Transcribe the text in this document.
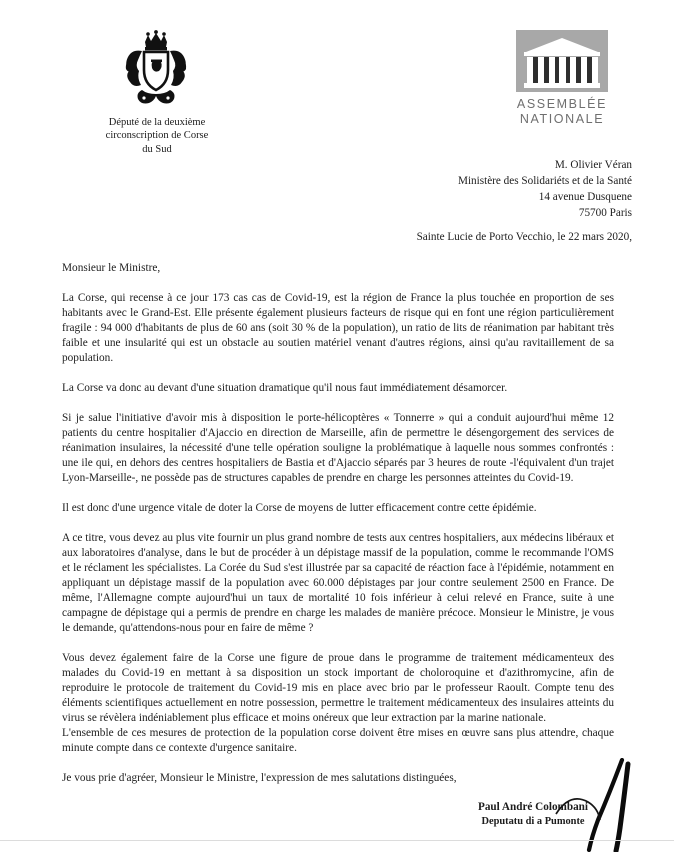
Député de la deuxième
circonscription de Corse
du Sud
ASSEMBLÉE
NATIONALE
M. Olivier Véran
Ministère des Solidariéts et de la Santé
14 avenue Dusquene
75700 Paris
Sainte Lucie de Porto Vecchio, le 22 mars 2020,
Monsieur le Ministre,

La Corse, qui recense à ce jour 173 cas cas de Covid-19, est la région de France la plus touchée en proportion de ses habitants avec le Grand-Est. Elle présente également plusieurs facteurs de risque qui en font une région particulièrement fragile : 94 000 d'habitants de plus de 60 ans (soit 30 % de la population), un ratio de lits de réanimation par habitant très faible et une insularité qui est un obstacle au soutien matériel venant d'autres régions, ainsi qu'au ravitaillement de sa population.

La Corse va donc au devant d'une situation dramatique qu'il nous faut immédiatement désamorcer.

Si je salue l'initiative d'avoir mis à disposition le porte-hélicoptères « Tonnerre » qui a conduit aujourd'hui même 12 patients du centre hospitalier d'Ajaccio en direction de Marseille, afin de permettre le désengorgement des services de réanimation insulaires, la nécessité d'une telle opération souligne la problématique à laquelle nous sommes confrontés : une ile qui, en dehors des centres hospitaliers de Bastia et d'Ajaccio séparés par 3 heures de route -l'équivalent d'un trajet Lyon-Marseille-, ne possède pas de structures capables de prendre en charge les personnes atteintes du Covid-19.

Il est donc d'une urgence vitale de doter la Corse de moyens de lutter efficacement contre cette épidémie.

A ce titre, vous devez au plus vite fournir un plus grand nombre de tests aux centres hospitaliers, aux médecins libéraux et aux laboratoires d'analyse, dans le but de procéder à un dépistage massif de la population, comme le recommande l'OMS et le réclament les spécialistes. La Corée du Sud s'est illustrée par sa capacité de réaction face à l'épidémie, notamment en appliquant un dépistage massif de la population avec 60.000 dépistages par jour contre seulement 2500 en France. De même, l'Allemagne compte aujourd'hui un taux de mortalité 10 fois inférieur à celui relevé en France, suite à une campagne de dépistage qui a permis de prendre en charge les malades de manière précoce. Monsieur le Ministre, je vous le demande, qu'attendons-nous pour en faire de même ?

Vous devez également faire de la Corse une figure de proue dans le programme de traitement médicamenteux des malades du Covid-19 en mettant à sa disposition un stock important de choloroquine et d'azithromycine, afin de reproduire le protocole de traitement du Covid-19 mis en place avec brio par le professeur Raoult. Compte tenu des éléments scientifiques actuellement en notre possession, permettre le traitement médicamenteux des insulaires atteints du virus se révèlera indéniablement plus efficace et moins onéreux que leur extraction par la marine nationale.

L'ensemble de ces mesures de protection de la population corse doivent être mises en œuvre sans plus attendre, chaque minute compte dans ce contexte d'urgence sanitaire.

Je vous prie d'agréer, Monsieur le Ministre, l'expression de mes salutations distinguées,
Paul André Colombani
Deputatu di a Pumonte
